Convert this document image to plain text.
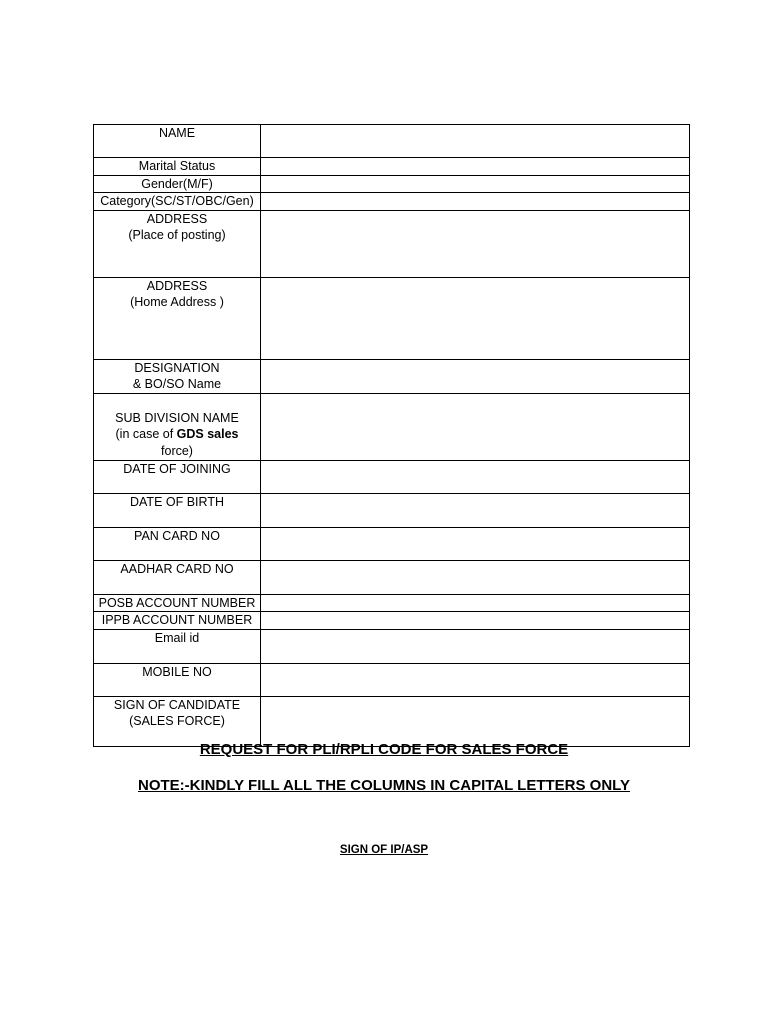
NAME	

Marital Status	

Gender(M/F)	

Category(SC/ST/OBC/Gen)	

ADDRESS
(Place of posting)	

ADDRESS
(Home Address )	

DESIGNATION
& BO/SO Name	

SUB DIVISION NAME
(in case of GDS sales
force)	

DATE OF JOINING	

DATE OF BIRTH	

PAN CARD NO	

AADHAR CARD NO	

POSB ACCOUNT NUMBER	

IPPB ACCOUNT NUMBER	

Email id	

MOBILE NO	

SIGN OF CANDIDATE
(SALES FORCE)	

REQUEST FOR PLI/RPLI CODE FOR SALES FORCE
NOTE:-KINDLY FILL ALL THE COLUMNS IN CAPITAL LETTERS ONLY
SIGN OF IP/ASP
